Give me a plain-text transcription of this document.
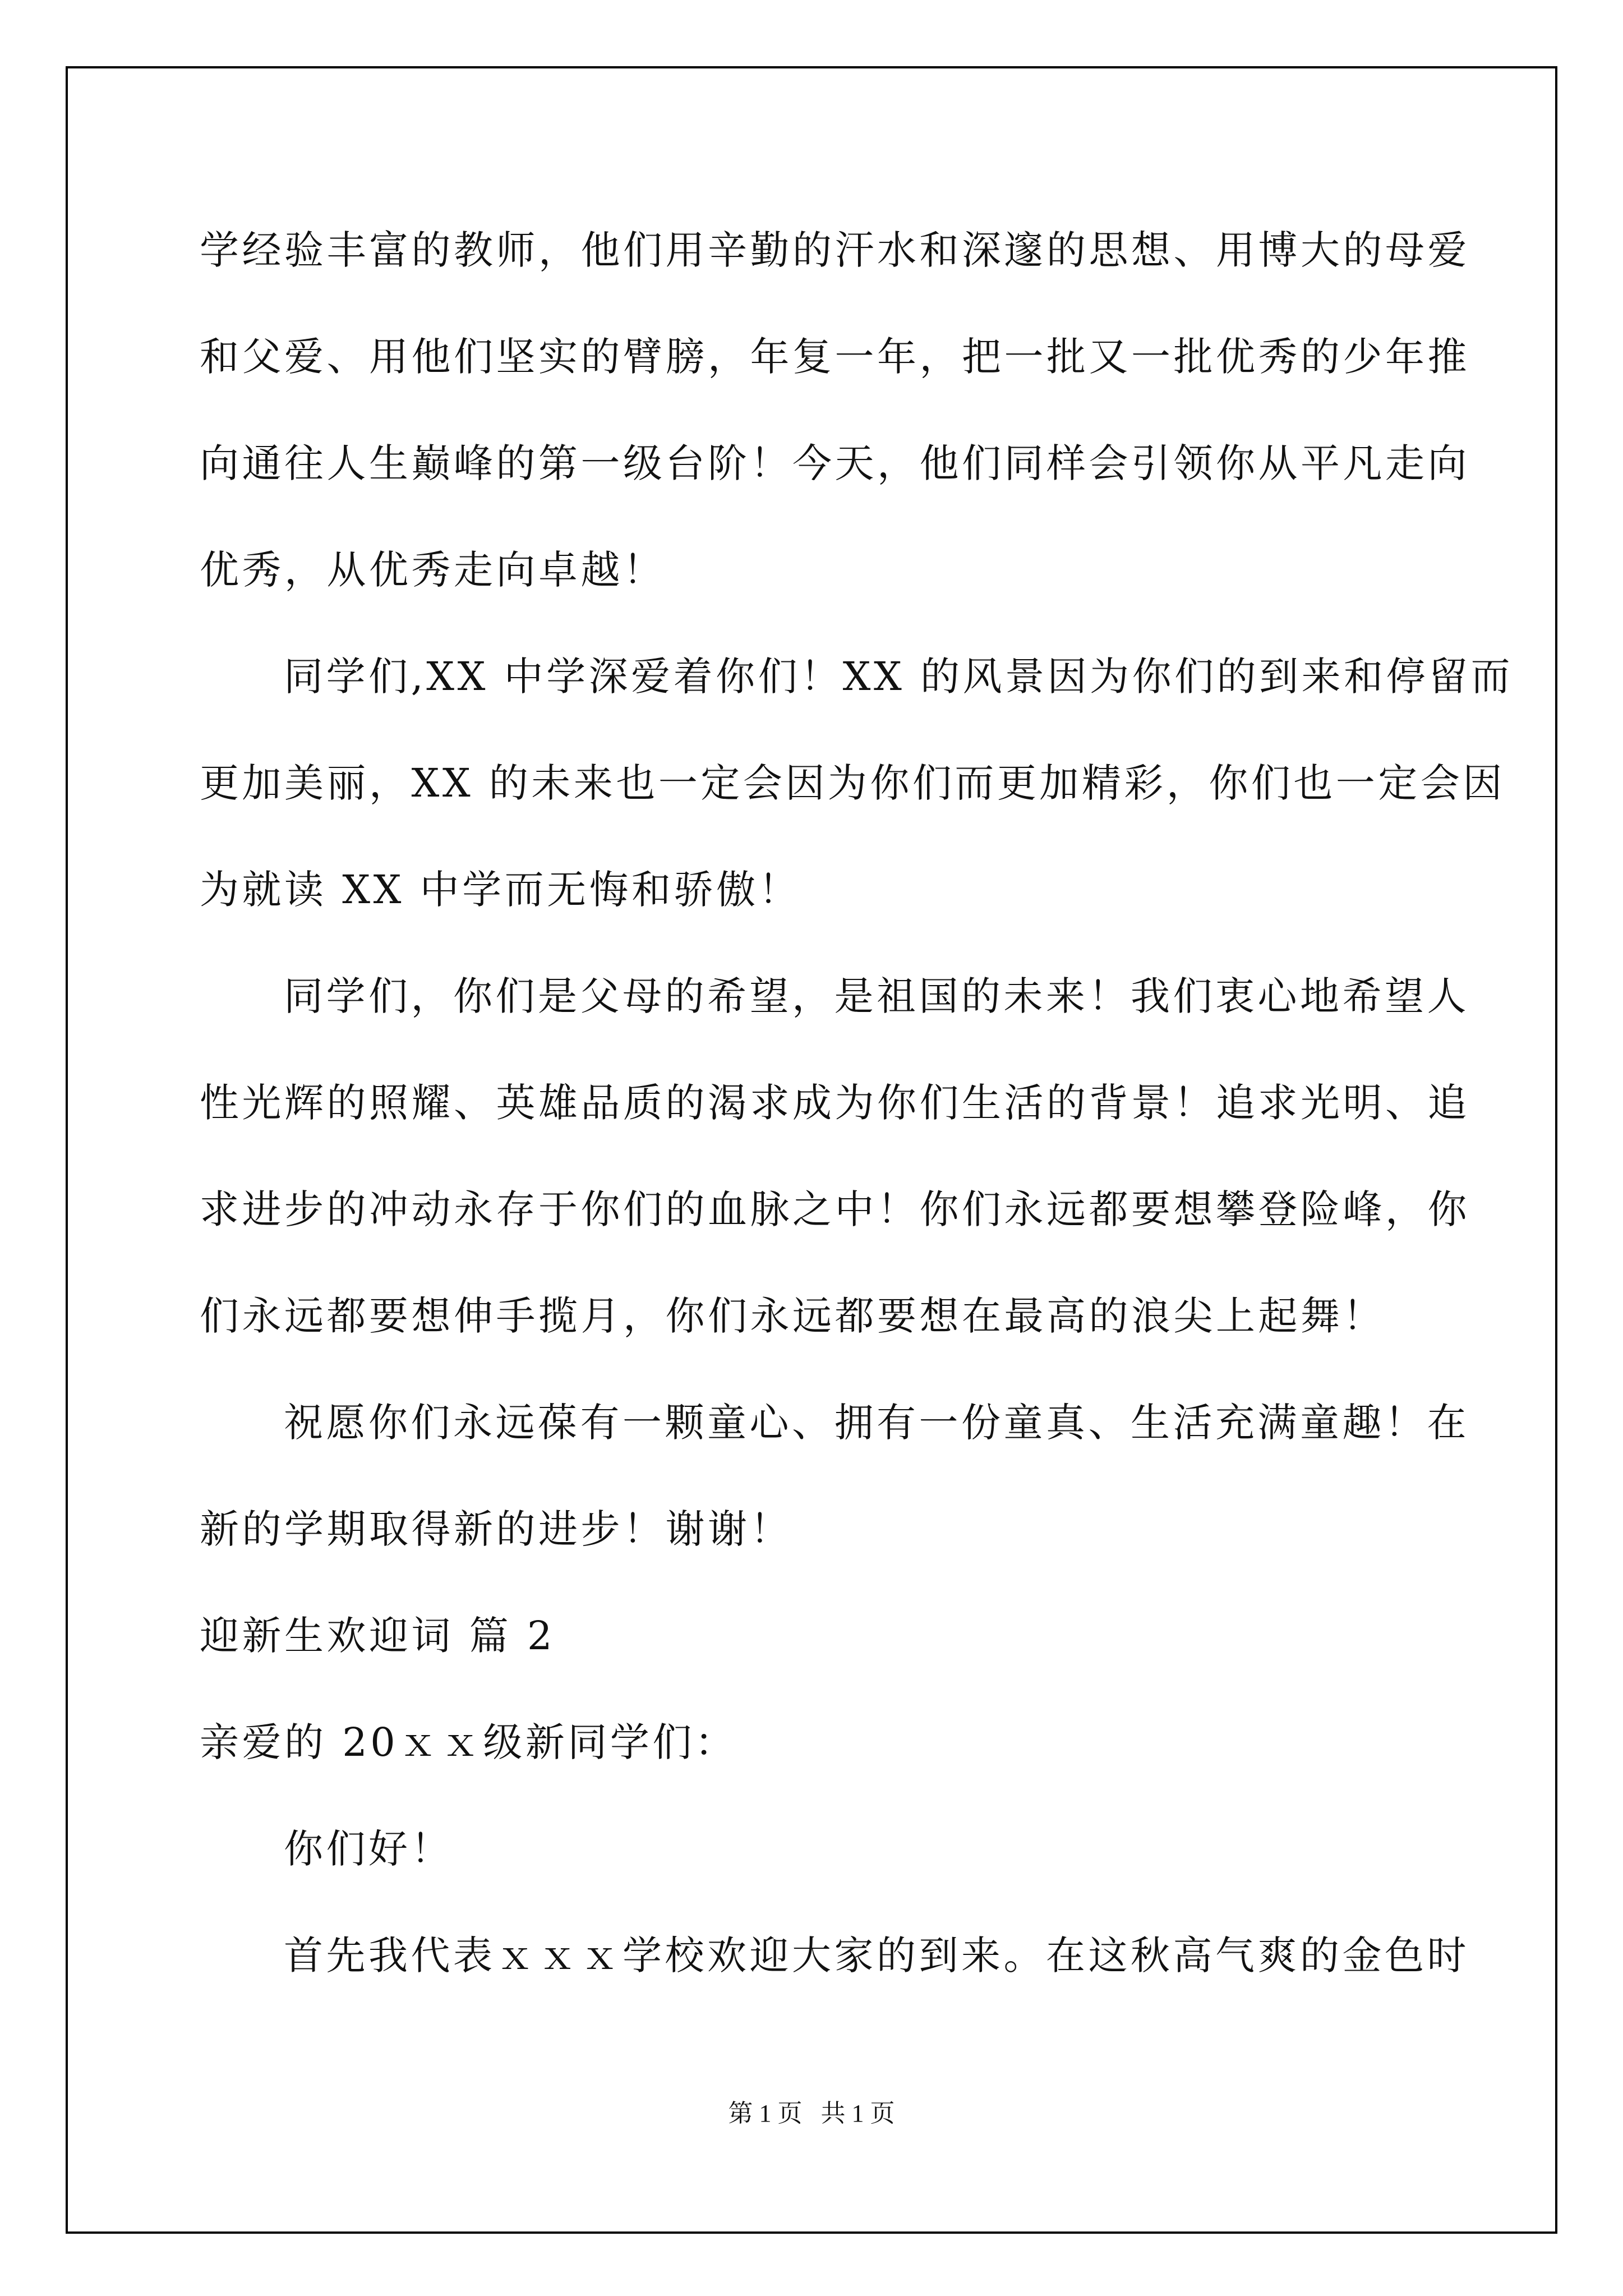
学经验丰富的教师，他们用辛勤的汗水和深邃的思想、用博大的母爱
和父爱、用他们坚实的臂膀，年复一年，把一批又一批优秀的少年推
向通往人生巅峰的第一级台阶！今天，他们同样会引领你从平凡走向
优秀，从优秀走向卓越！
同学们,XX 中学深爱着你们！XX 的风景因为你们的到来和停留而
更加美丽，XX 的未来也一定会因为你们而更加精彩，你们也一定会因
为就读 XX 中学而无悔和骄傲！
同学们，你们是父母的希望，是祖国的未来！我们衷心地希望人
性光辉的照耀、英雄品质的渴求成为你们生活的背景！追求光明、追
求进步的冲动永存于你们的血脉之中！你们永远都要想攀登险峰，你
们永远都要想伸手揽月，你们永远都要想在最高的浪尖上起舞！
祝愿你们永远葆有一颗童心、拥有一份童真、生活充满童趣！在
新的学期取得新的进步！谢谢！
迎新生欢迎词 篇 2
亲爱的 20ｘｘ级新同学们：
你们好！
首先我代表ｘｘｘ学校欢迎大家的到来。在这秋高气爽的金色时
第 1 页   共 1 页
